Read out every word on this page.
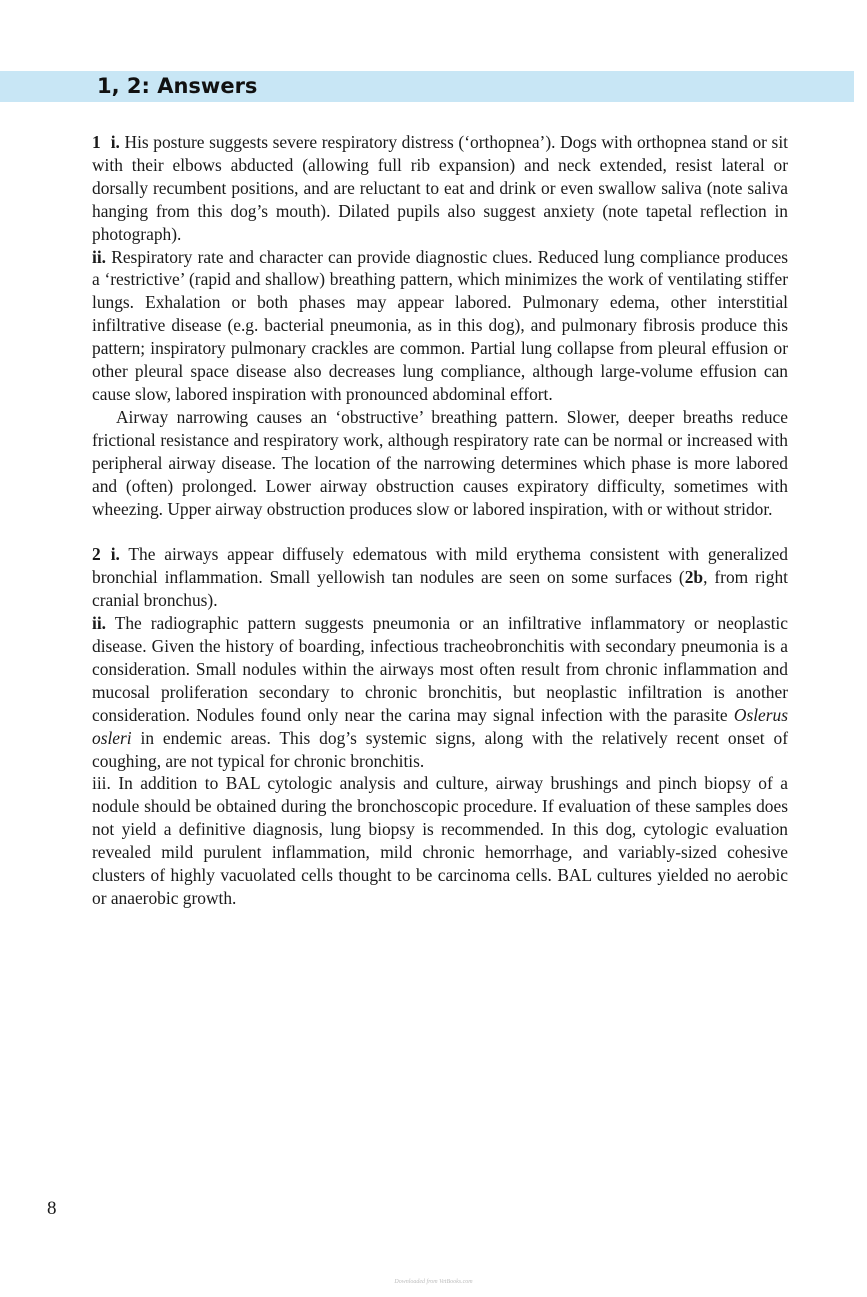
1, 2: Answers

1 i. His posture suggests severe respiratory distress (‘orthopnea’). Dogs with orthopnea stand or sit with their elbows abducted (allowing full rib expansion) and neck extended, resist lateral or dorsally recumbent positions, and are reluctant to eat and drink or even swallow saliva (note saliva hanging from this dog’s mouth). Dilated pupils also suggest anxiety (note tapetal reflection in photograph).

ii. Respiratory rate and character can provide diagnostic clues. Reduced lung compliance produces a ‘restrictive’ (rapid and shallow) breathing pattern, which minimizes the work of ventilating stiffer lungs. Exhalation or both phases may appear labored. Pulmonary edema, other interstitial infiltrative disease (e.g. bacterial pneumonia, as in this dog), and pulmonary fibrosis produce this pattern; inspiratory pulmonary crackles are common. Partial lung collapse from pleural effusion or other pleural space disease also decreases lung compliance, although large-volume effusion can cause slow, labored inspiration with pronounced abdominal effort.

Airway narrowing causes an ‘obstructive’ breathing pattern. Slower, deeper breaths reduce frictional resistance and respiratory work, although respiratory rate can be normal or increased with peripheral airway disease. The location of the narrowing determines which phase is more labored and (often) prolonged. Lower airway obstruction causes expiratory difficulty, sometimes with wheezing. Upper airway obstruction produces slow or labored inspiration, with or without stridor.

2 i. The airways appear diffusely edematous with mild erythema consistent with generalized bronchial inflammation. Small yellowish tan nodules are seen on some surfaces (2b, from right cranial bronchus).

ii. The radiographic pattern suggests pneumonia or an infiltrative inflammatory or neoplastic disease. Given the history of boarding, infectious tracheobronchitis with secondary pneumonia is a consideration. Small nodules within the airways most often result from chronic inflammation and mucosal proliferation secondary to chronic bronchitis, but neoplastic infiltration is another consideration. Nodules found only near the carina may signal infection with the parasite Oslerus osleri in endemic areas. This dog’s systemic signs, along with the relatively recent onset of coughing, are not typical for chronic bronchitis.

iii. In addition to BAL cytologic analysis and culture, airway brushings and pinch biopsy of a nodule should be obtained during the bronchoscopic procedure. If evaluation of these samples does not yield a definitive diagnosis, lung biopsy is recommended. In this dog, cytologic evaluation revealed mild purulent inflammation, mild chronic hemorrhage, and variably-sized cohesive clusters of highly vacuolated cells thought to be carcinoma cells. BAL cultures yielded no aerobic or anaerobic growth.

8
Downloaded from VetBooks.com
